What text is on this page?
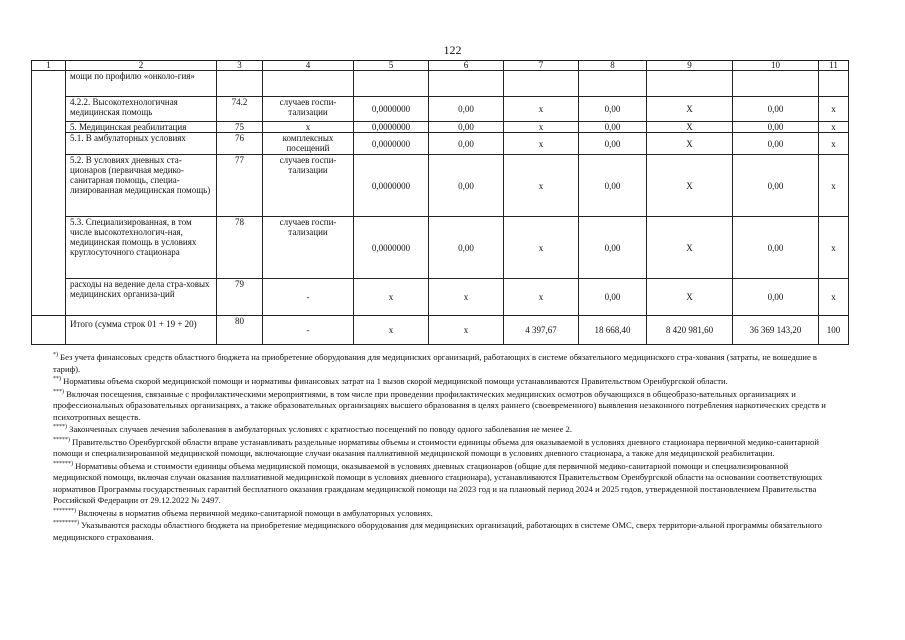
122
1	2	3	4	5	6	7	8	9	10	11
	мощи по профилю «онколо-гия»									
	4.2.2. Высокотехнологичная медицинская помощь	74.2	случаев госпи-тализации	0,0000000	0,00	x	0,00	X	0,00	x
	5. Медицинская реабилитация	75	x	0,0000000	0,00	x	0,00	X	0,00	x
	5.1. В амбулаторных условиях	76	комплексных посещений	0,0000000	0,00	x	0,00	X	0,00	x
	5.2. В условиях дневных ста-ционаров (первичная медико-санитарная помощь, специа-лизированная медицинская помощь)	77	случаев госпи-тализации	0,0000000	0,00	x	0,00	X	0,00	x
	5.3. Специализированная, в том числе высокотехнологич-ная, медицинская помощь в условиях круглосуточного стационара	78	случаев госпи-тализации	0,0000000	0,00	x	0,00	X	0,00	x
	расходы на ведение дела стра-ховых медицинских организа-ций	79	-	x	x	x	0,00	X	0,00	x
	Итого (сумма строк 01 + 19 + 20)	80	-	x	x	4 397,67	18 668,40	8 420 981,60	36 369 143,20	100

*) Без учета финансовых средств областного бюджета на приобретение оборудования для медицинских организаций, работающих в системе обязательного медицинского стра-хования (затраты, не вошедшие в тариф).

**) Нормативы объема скорой медицинской помощи и нормативы финансовых затрат на 1 вызов скорой медицинской помощи устанавливаются Правительством Оренбургской области.

***) Включая посещения, связанные с профилактическими мероприятиями, в том числе при проведении профилактических медицинских осмотров обучающихся в общеобразо-вательных организациях и профессиональных образовательных организациях, а также образовательных организациях высшего образования в целях раннего (своевременного) выявления незаконного потребления наркотических средств и психотропных веществ.

****) Законченных случаев лечения заболевания в амбулаторных условиях с кратностью посещений по поводу одного заболевания не менее 2.

*****) Правительство Оренбургской области вправе устанавливать раздельные нормативы объемы и стоимости единицы объема для оказываемой в условиях дневного стационара первичной медико-санитарной помощи и специализированной медицинской помощи, включающие случаи оказания паллиативной медицинской помощи в условиях дневного стационара, а также для медицинской реабилитации.

******) Нормативы объема и стоимости единицы объема медицинской помощи, оказываемой в условиях дневных стационаров (общие для первичной медико-санитарной помощи и специализированной медицинской помощи, включая случаи оказания паллиативной медицинской помощи в условиях дневного стационара), устанавливаются Правительством Оренбургской области на основании соответствующих нормативов Программы государственных гарантий бесплатного оказания гражданам медицинской помощи на 2023 год и на плановый период 2024 и 2025 годов, утвержденной постановлением Правительства Российской Федерации от 29.12.2022 № 2497.

*******) Включены в норматив объема первичной медико-санитарной помощи в амбулаторных условиях.

********) Указываются расходы областного бюджета на приобретение медицинского оборудования для медицинских организаций, работающих в системе ОМС, сверх территори-альной программы обязательного медицинского страхования.
